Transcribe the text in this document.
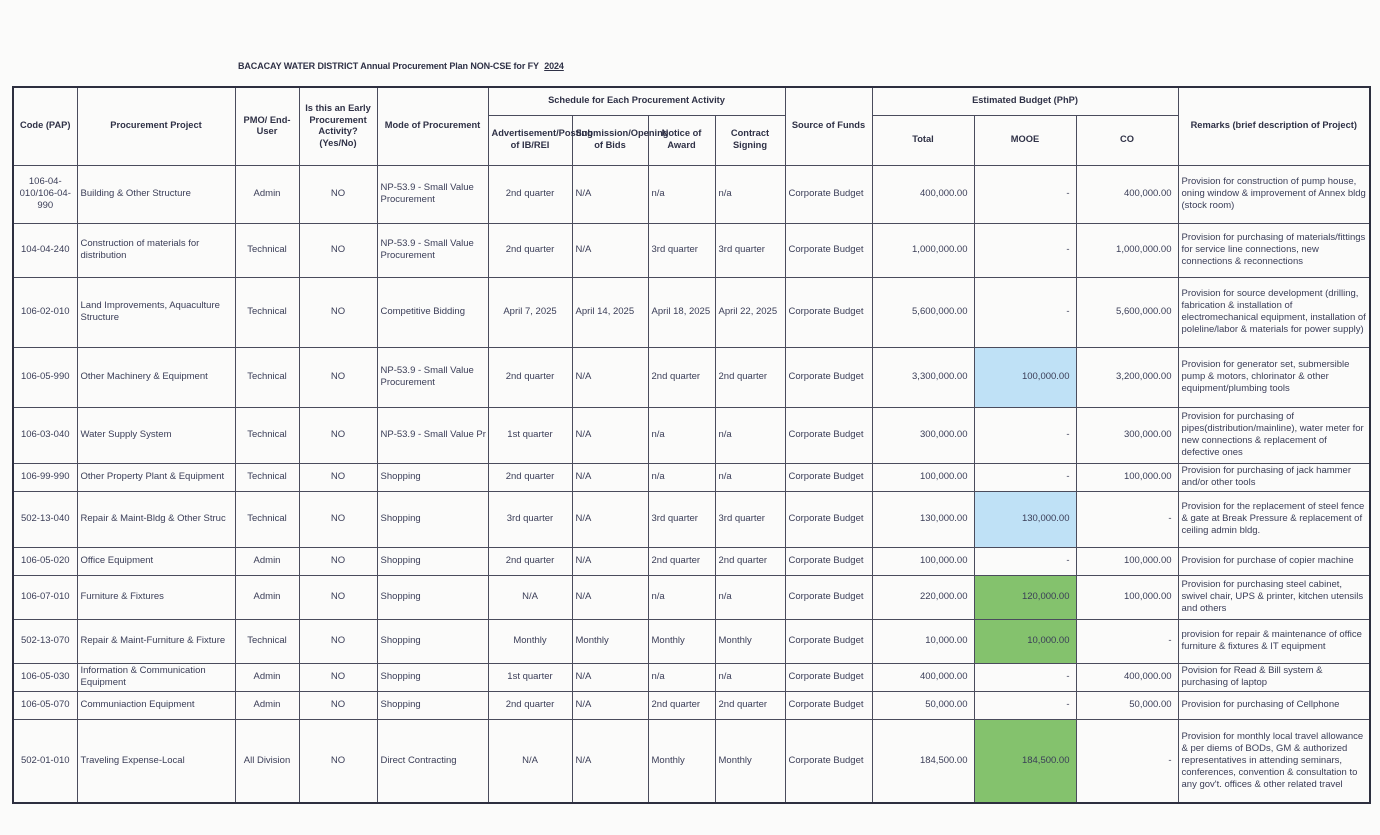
BACACAY WATER DISTRICT Annual Procurement Plan NON-CSE for FY 2024
Code (PAP)	Procurement Project	PMO/ End-User	Is this an Early Procurement Activity? (Yes/No)	Mode of Procurement	Schedule for Each Procurement Activity				Source of Funds	Estimated Budget (PhP)			Remarks (brief description of Project)
					Advertisement/Posting of IB/REI	Submission/Opening of Bids	Notice of Award	Contract Signing		Total	MOOE	CO	
106-04-010/106-04-990	Building & Other Structure	Admin	NO	NP-53.9 - Small Value Procurement	2nd quarter	N/A	n/a	n/a	Corporate Budget	400,000.00	-	400,000.00	Provision for construction of pump house, oning window & improvement of Annex bldg (stock room)
104-04-240	Construction of materials for distribution	Technical	NO	NP-53.9 - Small Value Procurement	2nd quarter	N/A	3rd quarter	3rd quarter	Corporate Budget	1,000,000.00	-	1,000,000.00	Provision for purchasing of materials/fittings for service line connections, new connections & reconnections
106-02-010	Land Improvements, Aquaculture Structure	Technical	NO	Competitive Bidding	April 7, 2025	April 14, 2025	April 18, 2025	April 22, 2025	Corporate Budget	5,600,000.00	-	5,600,000.00	Provision for source development (drilling, fabrication & installation of electromechanical equipment, installation of poleline/labor & materials for power supply)
106-05-990	Other Machinery & Equipment	Technical	NO	NP-53.9 - Small Value Procurement	2nd quarter	N/A	2nd quarter	2nd quarter	Corporate Budget	3,300,000.00	100,000.00	3,200,000.00	Provision for generator set, submersible pump & motors, chlorinator & other equipment/plumbing tools
106-03-040	Water Supply System	Technical	NO	NP-53.9 - Small Value Pr	1st quarter	N/A	n/a	n/a	Corporate Budget	300,000.00	-	300,000.00	Provision for purchasing of pipes(distribution/mainline), water meter for new connections & replacement of defective ones
106-99-990	Other Property Plant & Equipment	Technical	NO	Shopping	2nd quarter	N/A	n/a	n/a	Corporate Budget	100,000.00	-	100,000.00	Provision for purchasing of jack hammer and/or other tools
502-13-040	Repair & Maint-Bldg & Other Struc	Technical	NO	Shopping	3rd quarter	N/A	3rd quarter	3rd quarter	Corporate Budget	130,000.00	130,000.00	-	Provision for the replacement of steel fence & gate at Break Pressure & replacement of ceiling admin bldg.
106-05-020	Office Equipment	Admin	NO	Shopping	2nd quarter	N/A	2nd quarter	2nd quarter	Corporate Budget	100,000.00	-	100,000.00	Provision for purchase of copier machine
106-07-010	Furniture & Fixtures	Admin	NO	Shopping	N/A	N/A	n/a	n/a	Corporate Budget	220,000.00	120,000.00	100,000.00	Provision for purchasing steel cabinet, swivel chair, UPS & printer, kitchen utensils and others
502-13-070	Repair & Maint-Furniture & Fixture	Technical	NO	Shopping	Monthly	Monthly	Monthly	Monthly	Corporate Budget	10,000.00	10,000.00	-	provision for repair & maintenance of office furniture & fixtures & IT equipment
106-05-030	Information & Communication Equipment	Admin	NO	Shopping	1st quarter	N/A	n/a	n/a	Corporate Budget	400,000.00	-	400,000.00	Povision for Read & Bill system & purchasing of laptop
106-05-070	Communiaction Equipment	Admin	NO	Shopping	2nd quarter	N/A	2nd quarter	2nd quarter	Corporate Budget	50,000.00	-	50,000.00	Provision for purchasing of Cellphone
502-01-010	Traveling Expense-Local	All Division	NO	Direct Contracting	N/A	N/A	Monthly	Monthly	Corporate Budget	184,500.00	184,500.00	-	Provision for monthly local travel allowance & per diems of BODs, GM & authorized representatives in attending seminars, conferences, convention & consultation to any gov't. offices & other related travel
